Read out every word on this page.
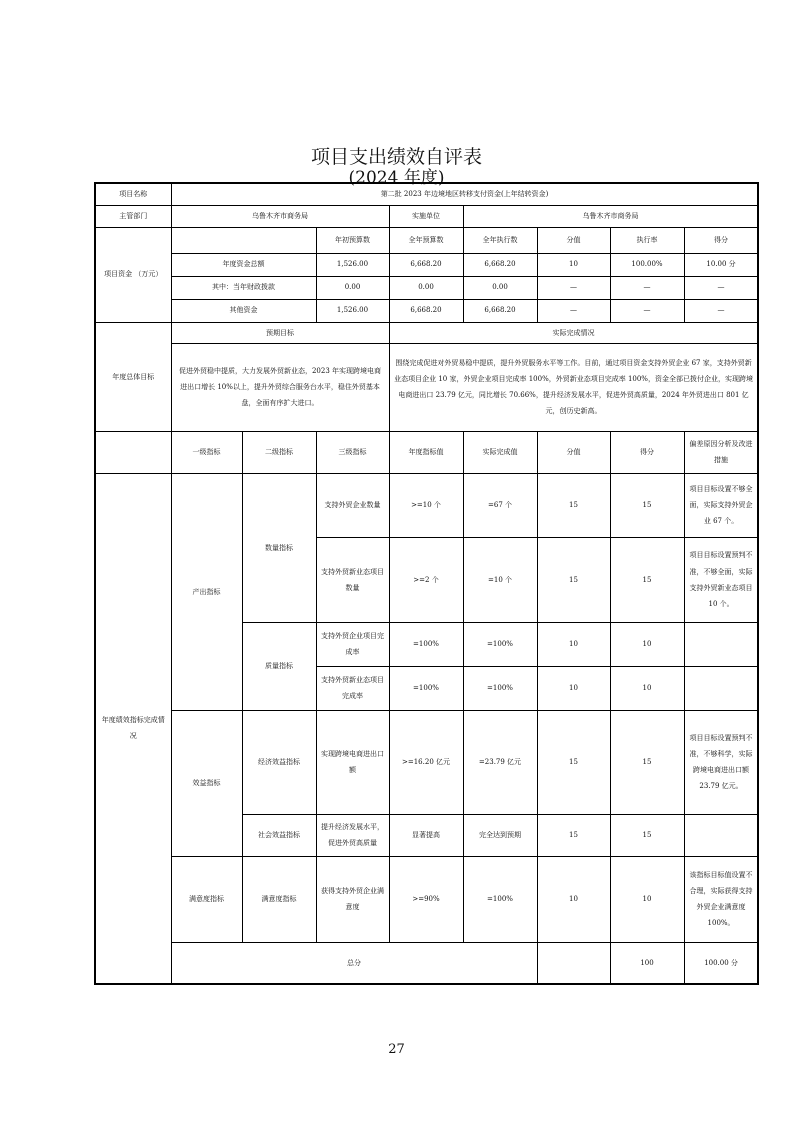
项目支出绩效自评表
(2024 年度)
项目名称	第二批 2023 年边境地区转移支付资金(上年结转资金)								
主管部门	乌鲁木齐市商务局			实施单位	乌鲁木齐市商务局				
项目资金 （万元）			年初预算数	全年预算数	全年执行数	分值	执行率	得分	
	年度资金总额		1,526.00	6,668.20	6,668.20	10	100.00%	10.00 分	
	其中：当年财政拨款		0.00	0.00	0.00	—	—	—	
	其他资金		1,526.00	6,668.20	6,668.20	—	—	—	
年度总体目标	预期目标			实际完成情况					
	促进外贸稳中提质，大力发展外贸新业态，2023 年实现跨境电商进出口增长 10%以上，提升外贸综合服务台水平，稳住外贸基本盘，全面有序扩大进口。			围绕完成促进对外贸易稳中提质，提升外贸服务水平等工作。目前，通过项目资金支持外贸企业 67 家，支持外贸新业态项目企业 10 家，外贸企业项目完成率 100%，外贸新业态项目完成率 100%，资金全部已拨付企业，实现跨境电商进出口 23.79 亿元，同比增长 70.66%，提升经济发展水平，促进外贸高质量，2024 年外贸进出口 801 亿元，创历史新高。					
	一级指标	二级指标	三级指标	年度指标值	实际完成值	分值	得分	偏差原因分析及改进措施	
年度绩效指标完成情况	产出指标	数量指标	支持外贸企业数量	>=10 个	=67 个	15	15	项目目标设置不够全面，实际支持外贸企业 67 个。	
			支持外贸新业态项目数量	>=2 个	=10 个	15	15	项目目标设置预判不准，不够全面，实际支持外贸新业态项目 10 个。	
		质量指标	支持外贸企业项目完成率	=100%	=100%	10	10		
			支持外贸新业态项目完成率	=100%	=100%	10	10		
	效益指标	经济效益指标	实现跨境电商进出口额	>=16.20 亿元	=23.79 亿元	15	15	项目目标设置预判不准，不够科学，实际跨境电商进出口额 23.79 亿元。	
		社会效益指标	提升经济发展水平，促进外贸高质量	显著提高	完全达到预期	15	15		
	满意度指标	满意度指标	获得支持外贸企业满意度	>=90%	=100%	10	10	该指标目标值设置不合理，实际获得支持外贸企业满意度 100%。	
	总分						100	100.00 分	
27
